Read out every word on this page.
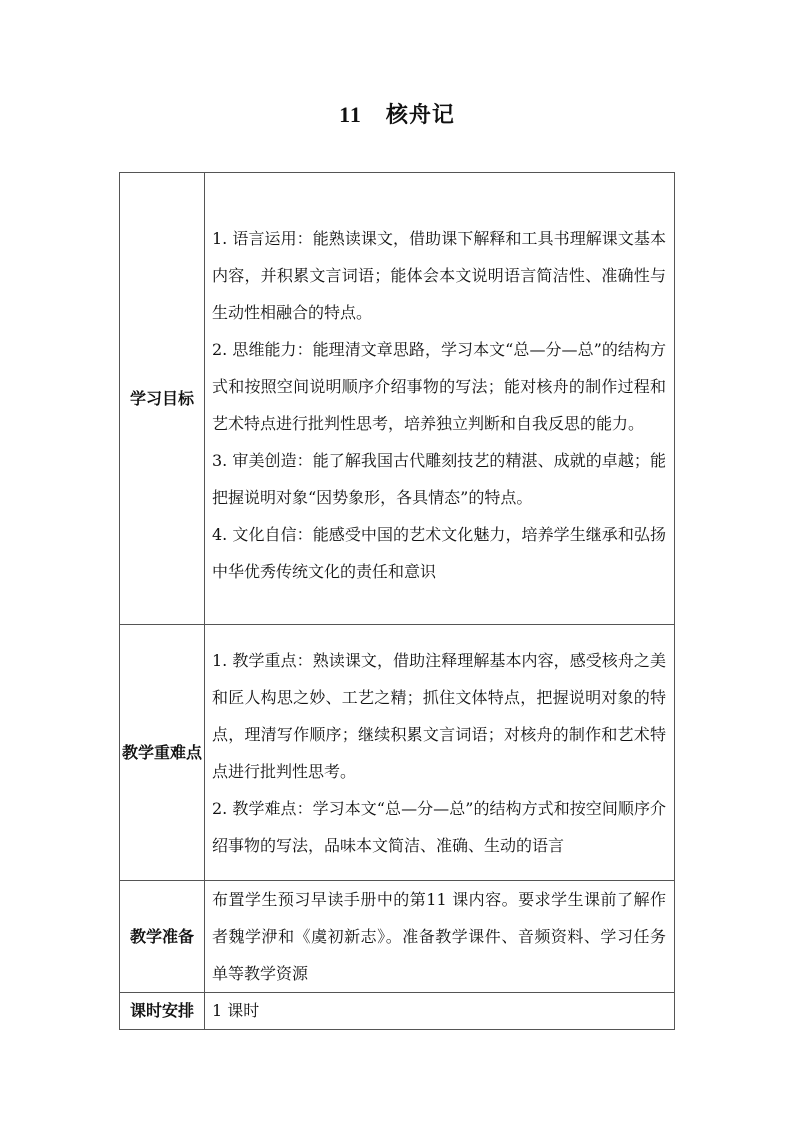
11 核舟记
学习目标	1. 语言运用：能熟读课文，借助课下解释和工具书理解课文基本内容，并积累文言词语；能体会本文说明语言简洁性、准确性与生动性相融合的特点。

2. 思维能力：能理清文章思路，学习本文“总—分—总”的结构方式和按照空间说明顺序介绍事物的写法；能对核舟的制作过程和艺术特点进行批判性思考，培养独立判断和自我反思的能力。

3. 审美创造：能了解我国古代雕刻技艺的精湛、成就的卓越；能把握说明对象“因势象形，各具情态”的特点。

4. 文化自信：能感受中国的艺术文化魅力，培养学生继承和弘扬中华优秀传统文化的责任和意识

教学重难点	1. 教学重点：熟读课文，借助注释理解基本内容，感受核舟之美和匠人构思之妙、工艺之精；抓住文体特点，把握说明对象的特点，理清写作顺序；继续积累文言词语；对核舟的制作和艺术特点进行批判性思考。

2. 教学难点：学习本文“总—分—总”的结构方式和按空间顺序介绍事物的写法，品味本文简洁、准确、生动的语言

教学准备	布置学生预习早读手册中的第11 课内容。要求学生课前了解作者魏学洢和《虞初新志》。准备教学课件、音频资料、学习任务单等教学资源

课时安排	1 课时
